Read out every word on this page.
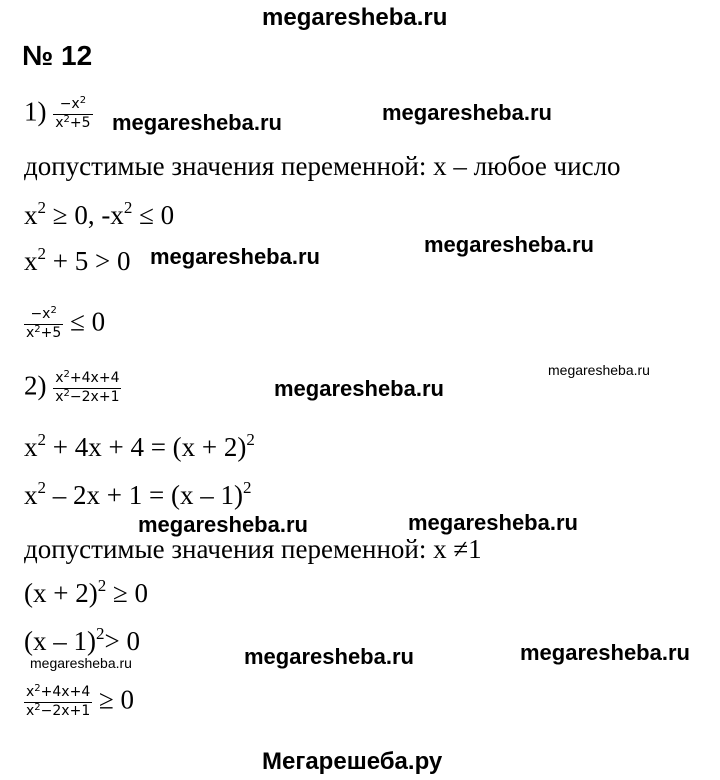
megaresheba.ru
megaresheba.ru	megaresheba.ru
megaresheba.ru	megaresheba.ru
megaresheba.ru
megaresheba.ru
megaresheba.ru	megaresheba.ru
megaresheba.ru	megaresheba.ru	megaresheba.ru
Мегарешеба.ру
№ 12
$1) \frac{-x^2}{x^2+5}$
допустимые значения переменной: x – любое число
$x^2 \ge 0$, $-x^2 \le 0$
$x^2 + 5 > 0$
$\frac{-x^2}{x^2+5} \le 0$
$2) \frac{x^2+4x+4}{x^2-2x+1}$
$x^2 + 4x + 4 = (x + 2)^2$
$x^2 - 2x + 1 = (x - 1)^2$
допустимые значения переменной: x ≠1
$(x + 2)^2 \ge 0$
(x – 1)$^2$> 0
$\frac{x^2+4x+4}{x^2-2x+1} \ge 0$
